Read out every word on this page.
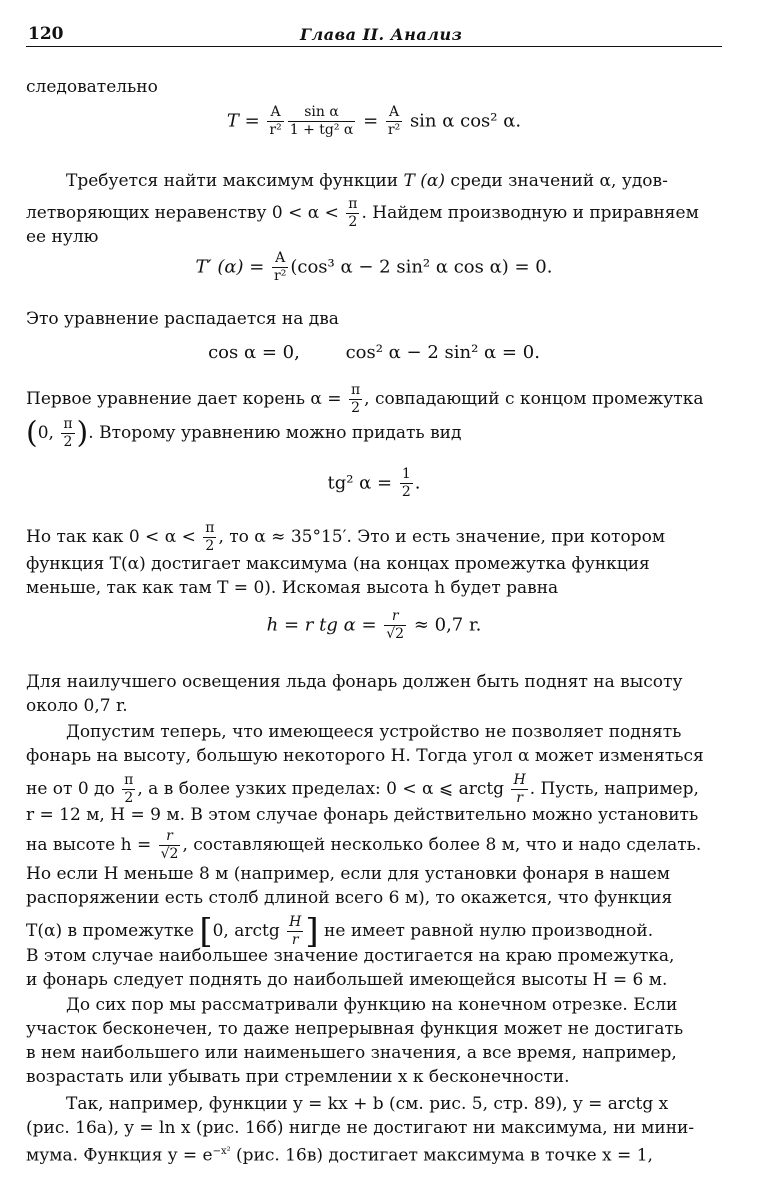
120	Глава II. Анализ
следовательно
$T = \frac{A}{\text{r²}} \frac{\text{sin α}}{\text{1 + tg² α}} = \frac{A}{\text{r²}}$ sin α cos² α.
Требуется найти максимум функции T (α) среди значений α, удов-
летворяющих неравенству $0 < \alpha < \frac{\pi}{2}$ . Найдем производную и приравняем
ее нулю
T′ $(\alpha) = \frac{A}{\text{r²}} (\cos^3$ α − 2 sin² α cos α) = 0.
Это уравнение распадается на два
cos α = 0,        cos² α − 2 sin² α = 0.
Первое уравнение дает корень $\alpha = \frac{\pi}{2}$ , совпадающий с концом промежутка
(0, $\frac{\pi}{2}$ ). Второму уравнению можно придать вид
tg² $\alpha = \frac{1}{2}$ .
Но так как $0 < \alpha < \frac{\pi}{2}$ , то α ≈ 35°15′. Это и есть значение, при котором
функция T(α) достигает максимума (на концах промежутка функция
меньше, так как там T = 0). Искомая высота h будет равна
h = r tg $\alpha = \frac{r}{√2} \approx 0,7$ r.
Для наилучшего освещения льда фонарь должен быть поднят на высоту
около 0,7 r.
Допустим теперь, что имеющееся устройство не позволяет поднять
фонарь на высоту, большую некоторого H. Тогда угол α может изменяться
не от 0 до $\frac{\pi}{2}$ , а в более узких пределах: 0 < α ⩽ arctg $\frac{H}{r}$ . Пусть, например,
r = 12 м, H = 9 м. В этом случае фонарь действительно можно установить
на высоте $h = \frac{r}{√2}$ , составляющей несколько более 8 м, что и надо сделать.
Но если H меньше 8 м (например, если для установки фонаря в нашем
распоряжении есть столб длиной всего 6 м), то окажется, что функция
T(α) в промежутке [0, arctg $\frac{H}{r}$ ] не имеет равной нулю производной.
В этом случае наибольшее значение достигается на краю промежутка,
и фонарь следует поднять до наибольшей имеющейся высоты H = 6 м.
До сих пор мы рассматривали функцию на конечном отрезке. Если
участок бесконечен, то даже непрерывная функция может не достигать
в нем наибольшего или наименьшего значения, а все время, например,
возрастать или убывать при стремлении x к бесконечности.
Так, например, функции y = kx + b (см. рис. 5, стр. 89), y = arctg x
(рис. 16а), y = ln x (рис. 16б) нигде не достигают ни максимума, ни мини-
мума. Функция $y = e^{-x^2}$ (рис. 16в) достигает максимума в точке x = 1,
